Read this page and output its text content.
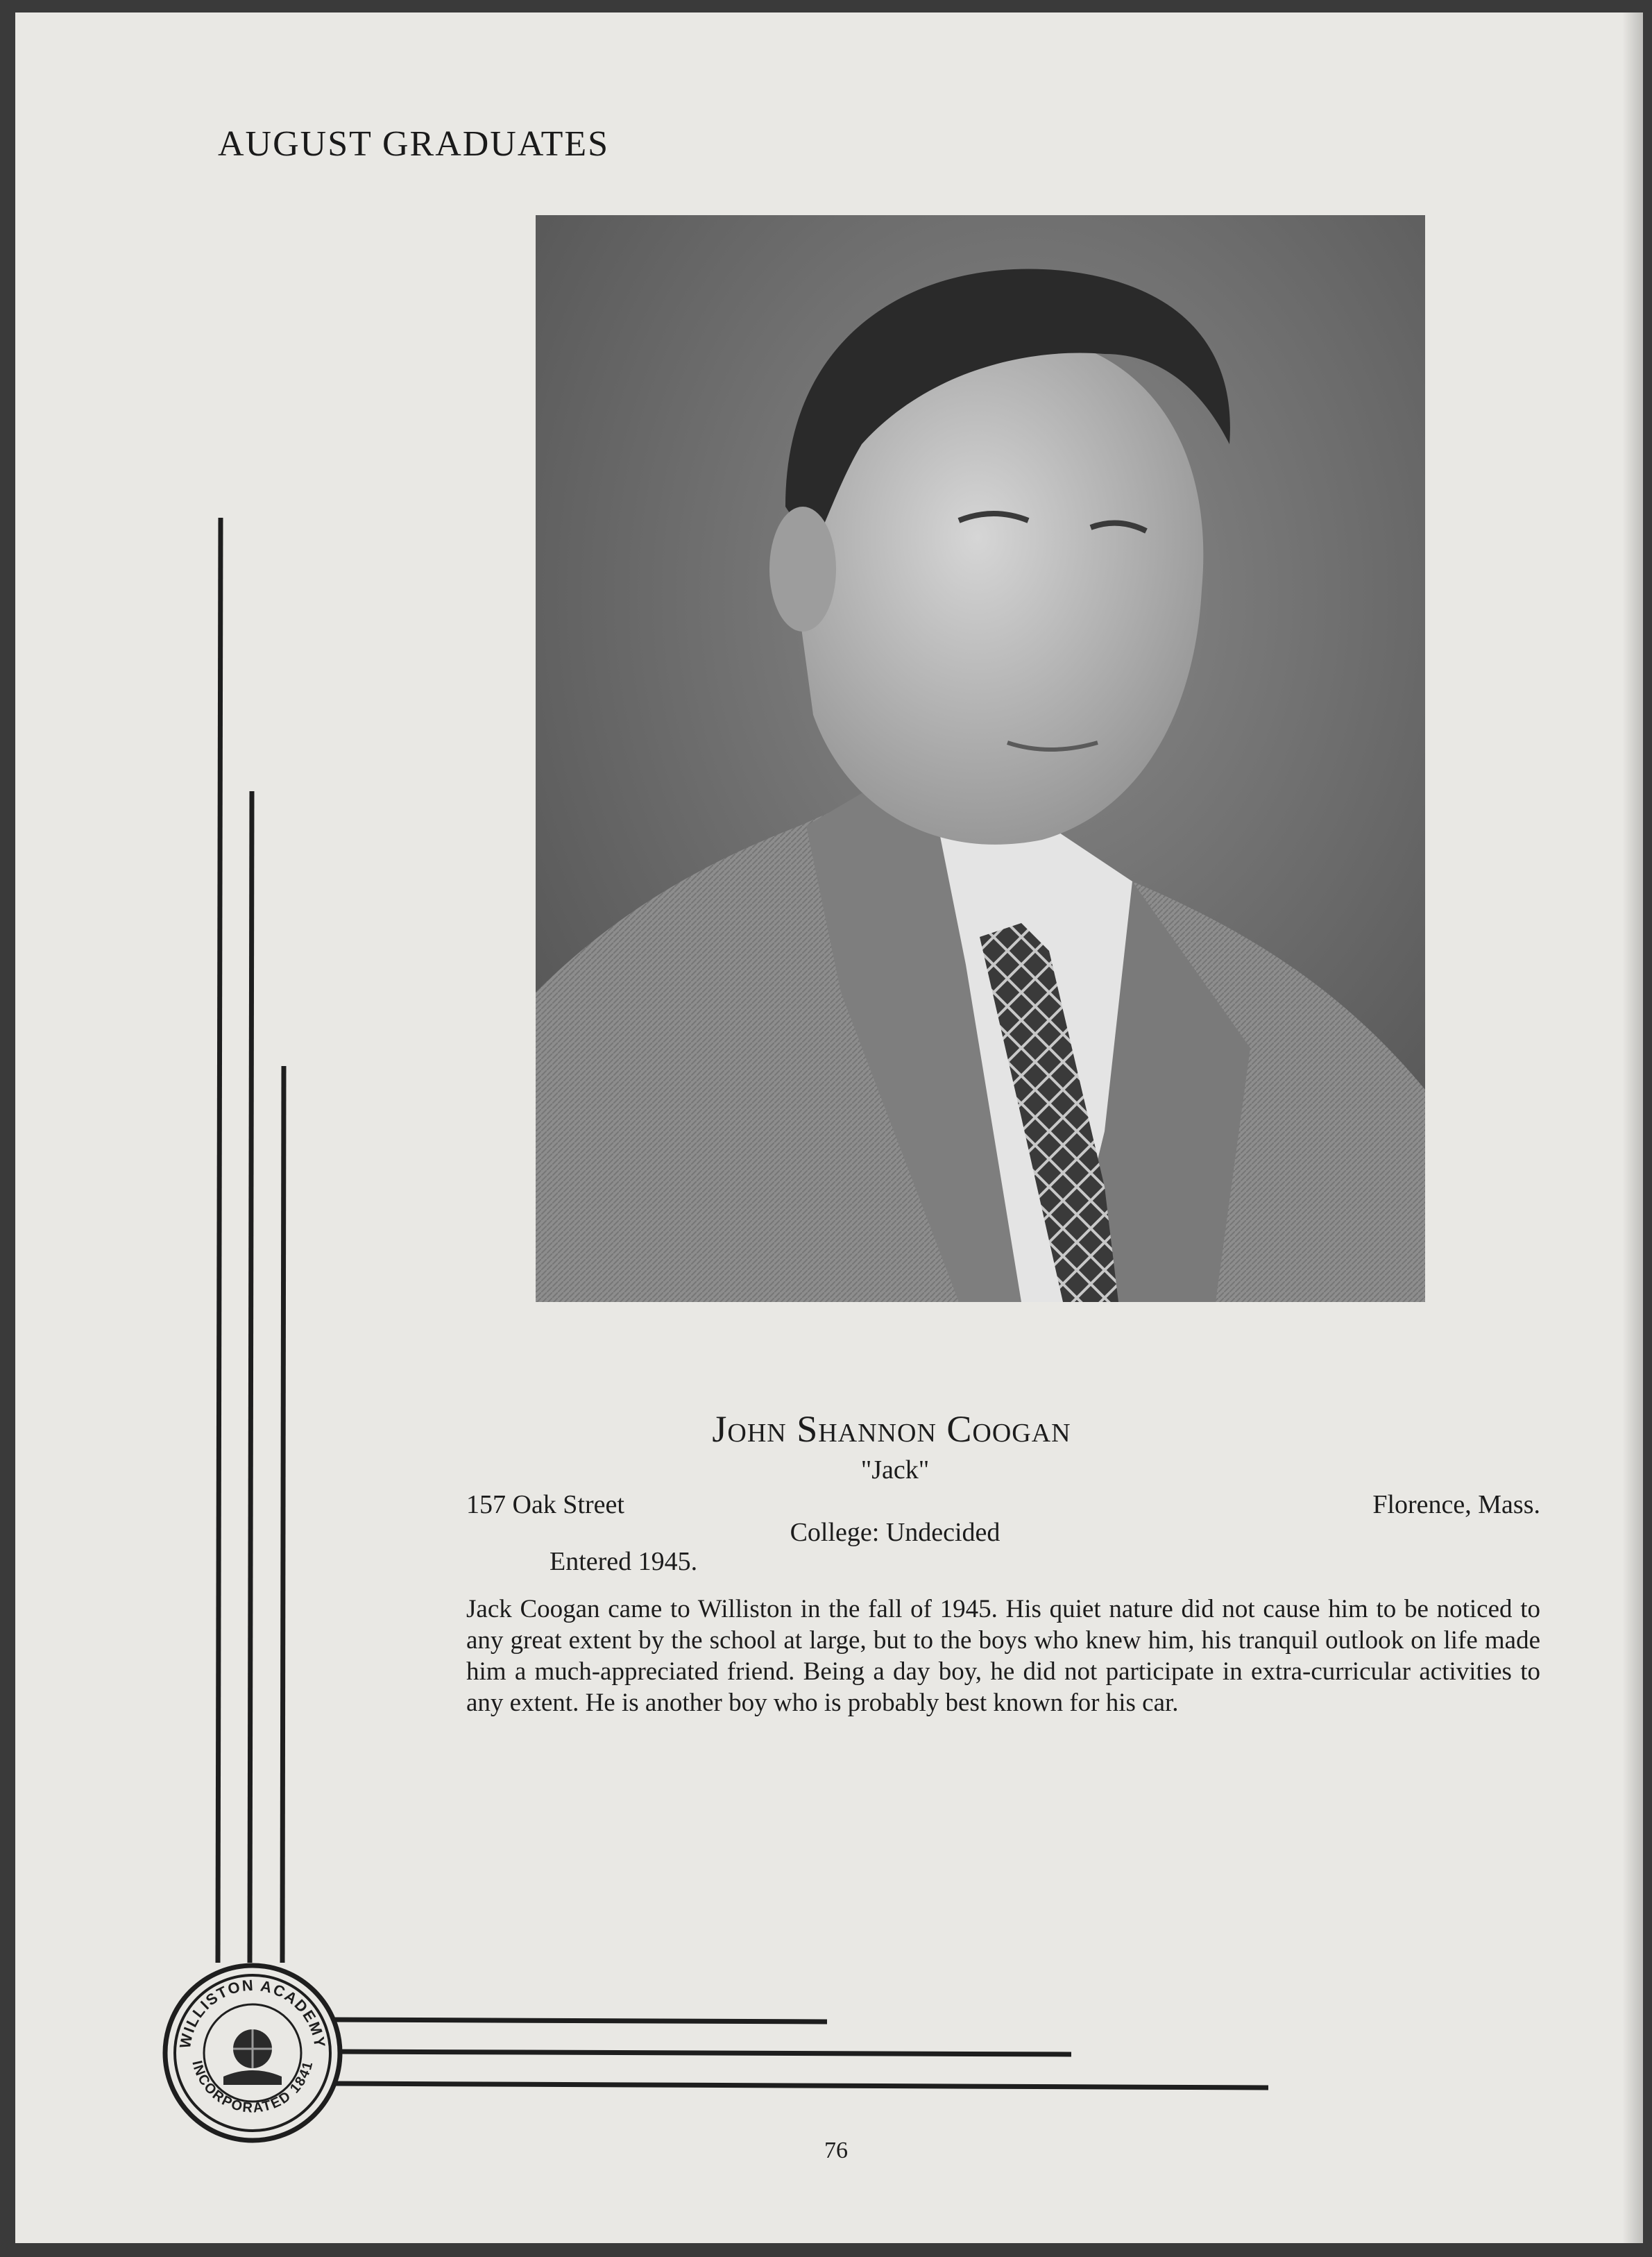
AUGUST GRADUATES
John Shannon Coogan
"Jack"
157 Oak Street	Florence, Mass.
College: Undecided
Entered 1945.
Jack Coogan came to Williston in the fall of 1945. His quiet nature did not cause him to be noticed to any great extent by the school at large, but to the boys who knew him, his tranquil outlook on life made him a much-appreciated friend. Being a day boy, he did not participate in extra-curricular activities to any extent. He is another boy who is probably best known for his car.
WILLISTON ACADEMY
INCORPORATED 1841
76
